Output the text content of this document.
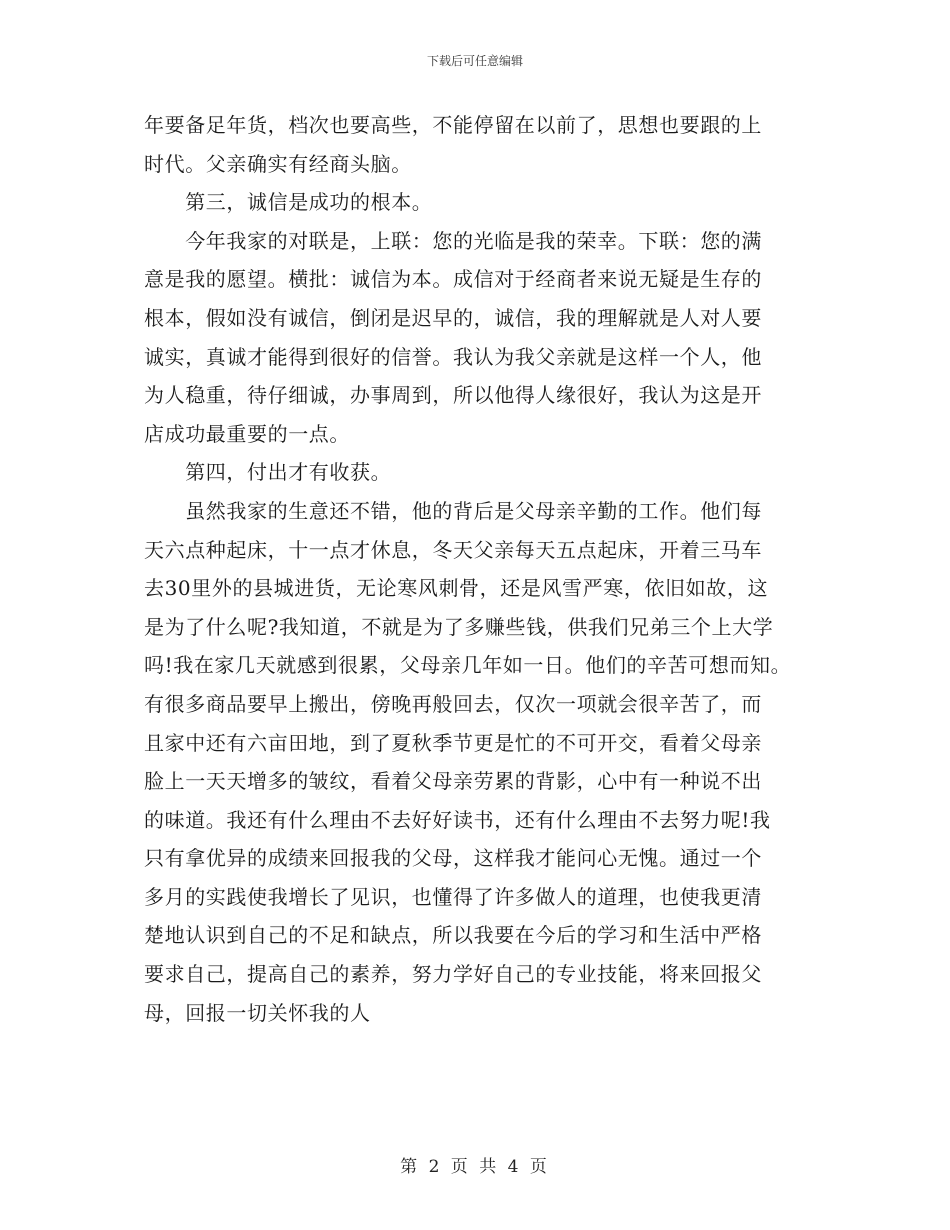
下载后可任意编辑
年要备足年货，档次也要高些，不能停留在以前了，思想也要跟的上
时代。父亲确实有经商头脑。
　　第三，诚信是成功的根本。
　　今年我家的对联是，上联：您的光临是我的荣幸。下联：您的满
意是我的愿望。横批：诚信为本。成信对于经商者来说无疑是生存的
根本，假如没有诚信，倒闭是迟早的，诚信，我的理解就是人对人要
诚实，真诚才能得到很好的信誉。我认为我父亲就是这样一个人，他
为人稳重，待仔细诚，办事周到，所以他得人缘很好，我认为这是开
店成功最重要的一点。
　　第四，付出才有收获。
　　虽然我家的生意还不错，他的背后是父母亲辛勤的工作。他们每
天六点种起床，十一点才休息，冬天父亲每天五点起床，开着三马车
去30里外的县城进货，无论寒风刺骨，还是风雪严寒，依旧如故，这
是为了什么呢?我知道，不就是为了多赚些钱，供我们兄弟三个上大学
吗!我在家几天就感到很累，父母亲几年如一日。他们的辛苦可想而知。
有很多商品要早上搬出，傍晚再般回去，仅次一项就会很辛苦了，而
且家中还有六亩田地，到了夏秋季节更是忙的不可开交，看着父母亲
脸上一天天增多的皱纹，看着父母亲劳累的背影，心中有一种说不出
的味道。我还有什么理由不去好好读书，还有什么理由不去努力呢!我
只有拿优异的成绩来回报我的父母，这样我才能问心无愧。通过一个
多月的实践使我增长了见识，也懂得了许多做人的道理，也使我更清
楚地认识到自己的不足和缺点，所以我要在今后的学习和生活中严格
要求自己，提高自己的素养，努力学好自己的专业技能，将来回报父
母，回报一切关怀我的人
第 2 页 共 4 页
